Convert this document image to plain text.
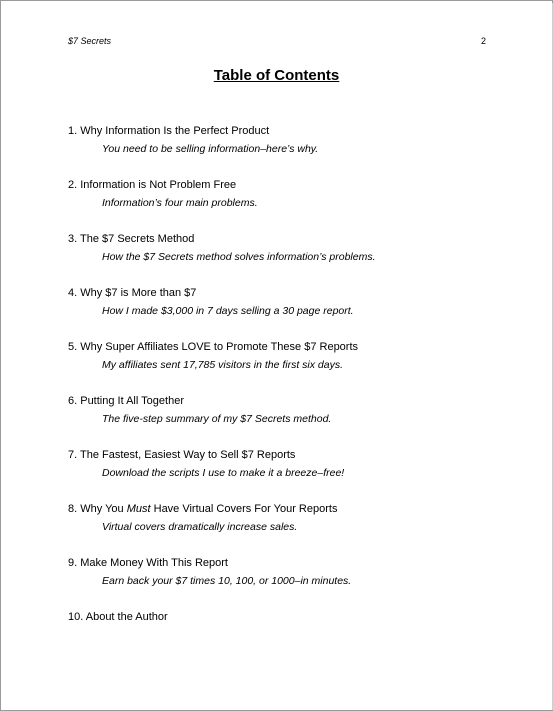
$7 Secrets	2
Table of Contents
1. Why Information Is the Perfect Product
You need to be selling information–here’s why.
2. Information is Not Problem Free
Information’s four main problems.
3. The $7 Secrets Method
How the $7 Secrets method solves information’s problems.
4. Why $7 is More than $7
How I made $3,000 in 7 days selling a 30 page report.
5. Why Super Affiliates LOVE to Promote These $7 Reports
My affiliates sent 17,785 visitors in the first six days.
6. Putting It All Together
The five-step summary of my $7 Secrets method.
7. The Fastest, Easiest Way to Sell $7 Reports
Download the scripts I use to make it a breeze–free!
8. Why You Must Have Virtual Covers For Your Reports
Virtual covers dramatically increase sales.
9. Make Money With This Report
Earn back your $7 times 10, 100, or 1000–in minutes.
10. About the Author
